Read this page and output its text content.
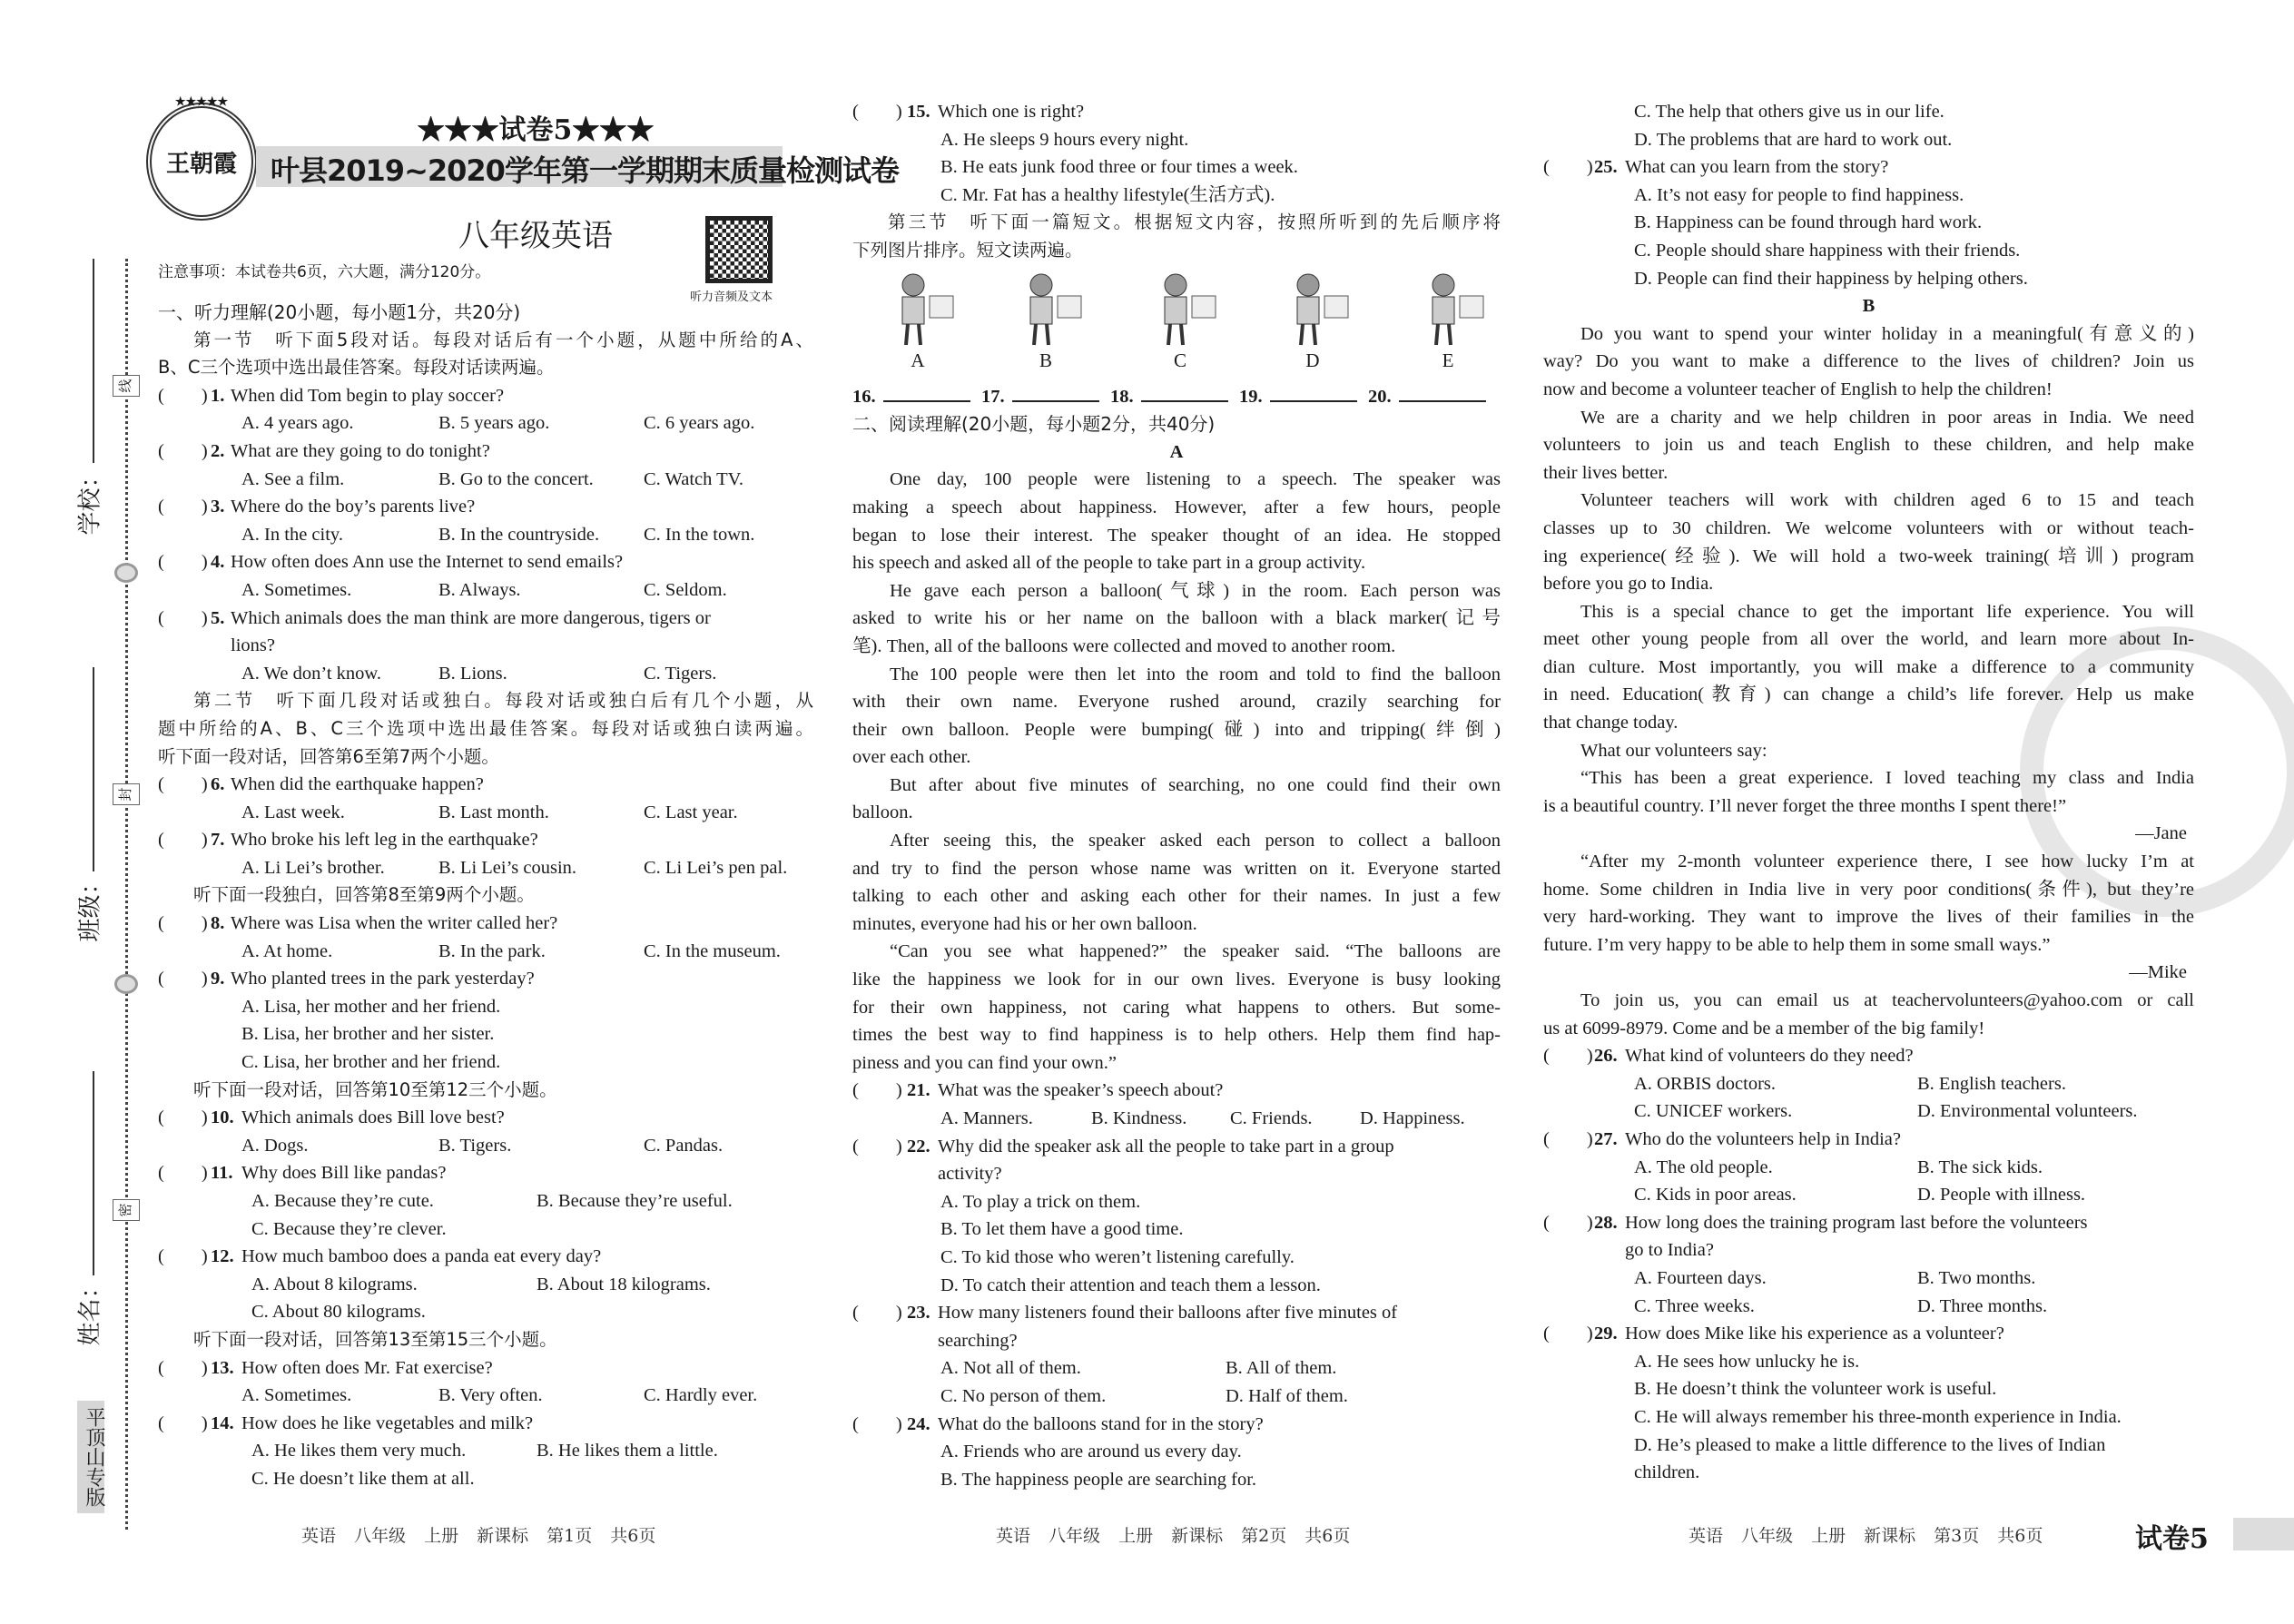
★★★★★
王朝霞
★★★试卷5★★★
叶县2019~2020学年第一学期期末质量检测试卷
八年级英语
听力音频及文本
注意事项：本试卷共6页，六大题，满分120分。
学校：
班级：
姓名：
线
封
密
平顶山专版
一、听力理解(20小题，每小题1分，共20分)
第一节　听下面5段对话。每段对话后有一个小题，从题中所给的A、
B、C三个选项中选出最佳答案。每段对话读两遍。
(  ) 1. When did Tom begin to play soccer?
A. 4 years ago.	B. 5 years ago.	C. 6 years ago.
(  ) 2. What are they going to do tonight?
A. See a film.	B. Go to the concert.	C. Watch TV.
(  ) 3. Where do the boy’s parents live?
A. In the city.	B. In the countryside. C. In the town.
(  ) 4. How often does Ann use the Internet to send emails?
A. Sometimes.	B. Always.	C. Seldom.
(  ) 5. Which animals does the man think are more dangerous, tigers or
lions?
A. We don’t know.	B. Lions.	C. Tigers.
第二节　听下面几段对话或独白。每段对话或独白后有几个小题，从
题中所给的A、B、C三个选项中选出最佳答案。每段对话或独白读两遍。
听下面一段对话，回答第6至第7两个小题。
(  ) 6. When did the earthquake happen?
A. Last week.	B. Last month.	C. Last year.
(  ) 7. Who broke his left leg in the earthquake?
A. Li Lei’s brother.	B. Li Lei’s cousin.	C. Li Lei’s pen pal.
听下面一段独白，回答第8至第9两个小题。
(  ) 8. Where was Lisa when the writer called her?
A. At home.	B. In the park.	C. In the museum.
(  ) 9. Who planted trees in the park yesterday?
A. Lisa, her mother and her friend.
B. Lisa, her brother and her sister.
C. Lisa, her brother and her friend.
听下面一段对话，回答第10至第12三个小题。
(  ) 10. Which animals does Bill love best?
A. Dogs.	B. Tigers.	C. Pandas.
(  ) 11. Why does Bill like pandas?
A. Because they’re cute.	B. Because they’re useful.
C. Because they’re clever.
(  ) 12. How much bamboo does a panda eat every day?
A. About 8 kilograms.	B. About 18 kilograms.
C. About 80 kilograms.
听下面一段对话，回答第13至第15三个小题。
(  ) 13. How often does Mr. Fat exercise?
A. Sometimes.	B. Very often.	C. Hardly ever.
(  ) 14. How does he like vegetables and milk?
A. He likes them very much.	B. He likes them a little.
C. He doesn’t like them at all.
(  ) 15. Which one is right?
A. He sleeps 9 hours every night.
B. He eats junk food three or four times a week.
C. Mr. Fat has a healthy lifestyle(生活方式).
第三节　听下面一篇短文。根据短文内容，按照所听到的先后顺序将
下列图片排序。短文读两遍。
A	B	C	D	E
16.	17.	18.	19.	20.
二、阅读理解(20小题，每小题2分，共40分)
A
One day, 100 people were listening to a speech. The speaker was
making a speech about happiness. However, after a few hours, people
began to lose their interest. The speaker thought of an idea. He stopped
his speech and asked all of the people to take part in a group activity.
He gave each person a balloon(气球) in the room. Each person was
asked to write his or her name on the balloon with a black marker(记号
笔). Then, all of the balloons were collected and moved to another room.
The 100 people were then let into the room and told to find the balloon
with their own name. Everyone rushed around, crazily searching for
their own balloon. People were bumping(碰) into and tripping(绊倒)
over each other.
But after about five minutes of searching, no one could find their own
balloon.
After seeing this, the speaker asked each person to collect a balloon
and try to find the person whose name was written on it. Everyone started
talking to each other and asking each other for their names. In just a few
minutes, everyone had his or her own balloon.
“Can you see what happened?” the speaker said. “The balloons are
like the happiness we look for in our own lives. Everyone is busy looking
for their own happiness, not caring what happens to others. But some-
times the best way to find happiness is to help others. Help them find hap-
piness and you can find your own.”
(  ) 21. What was the speaker’s speech about?
A. Manners.	B. Kindness. C. Friends.	D. Happiness.
(  ) 22. Why did the speaker ask all the people to take part in a group
activity?
A. To play a trick on them.
B. To let them have a good time.
C. To kid those who weren’t listening carefully.
D. To catch their attention and teach them a lesson.
(  ) 23. How many listeners found their balloons after five minutes of
searching?
A. Not all of them.	B. All of them.
C. No person of them.	D. Half of them.
(  ) 24. What do the balloons stand for in the story?
A. Friends who are around us every day.
B. The happiness people are searching for.
C. The help that others give us in our life.
D. The problems that are hard to work out.
(  ) 25. What can you learn from the story?
A. It’s not easy for people to find happiness.
B. Happiness can be found through hard work.
C. People should share happiness with their friends.
D. People can find their happiness by helping others.
B
Do you want to spend your winter holiday in a meaningful(有意义的)
way? Do you want to make a difference to the lives of children? Join us
now and become a volunteer teacher of English to help the children!
We are a charity and we help children in poor areas in India. We need
volunteers to join us and teach English to these children, and help make
their lives better.
Volunteer teachers will work with children aged 6 to 15 and teach
classes up to 30 children. We welcome volunteers with or without teach-
ing experience(经验). We will hold a two-week training(培训) program
before you go to India.
This is a special chance to get the important life experience. You will
meet other young people from all over the world, and learn more about In-
dian culture. Most importantly, you will make a difference to a community
in need. Education(教育) can change a child’s life forever. Help us make
that change today.
What our volunteers say:
“This has been a great experience. I loved teaching my class and India
is a beautiful country. I’ll never forget the three months I spent there!”
—Jane
“After my 2-month volunteer experience there, I see how lucky I’m at
home. Some children in India live in very poor conditions(条件), but they’re
very hard-working. They want to improve the lives of their families in the
future. I’m very happy to be able to help them in some small ways.”
—Mike
To join us, you can email us at teachervolunteers@yahoo.com or call
us at 6099-8979. Come and be a member of the big family!
(  ) 26. What kind of volunteers do they need?
A. ORBIS doctors.	B. English teachers.
C. UNICEF workers.	D. Environmental volunteers.
(  ) 27. Who do the volunteers help in India?
A. The old people.	B. The sick kids.
C. Kids in poor areas.	D. People with illness.
(  ) 28. How long does the training program last before the volunteers
go to India?
A. Fourteen days.	B. Two months.
C. Three weeks.	D. Three months.
(  ) 29. How does Mike like his experience as a volunteer?
A. He sees how unlucky he is.
B. He doesn’t think the volunteer work is useful.
C. He will always remember his three-month experience in India.
D. He’s pleased to make a little difference to the lives of Indian
children.
英语 八年级 上册 新课标 第1页 共6页	英语 八年级 上册 新课标 第2页 共6页	英语 八年级 上册 新课标 第3页 共6页	试卷5
